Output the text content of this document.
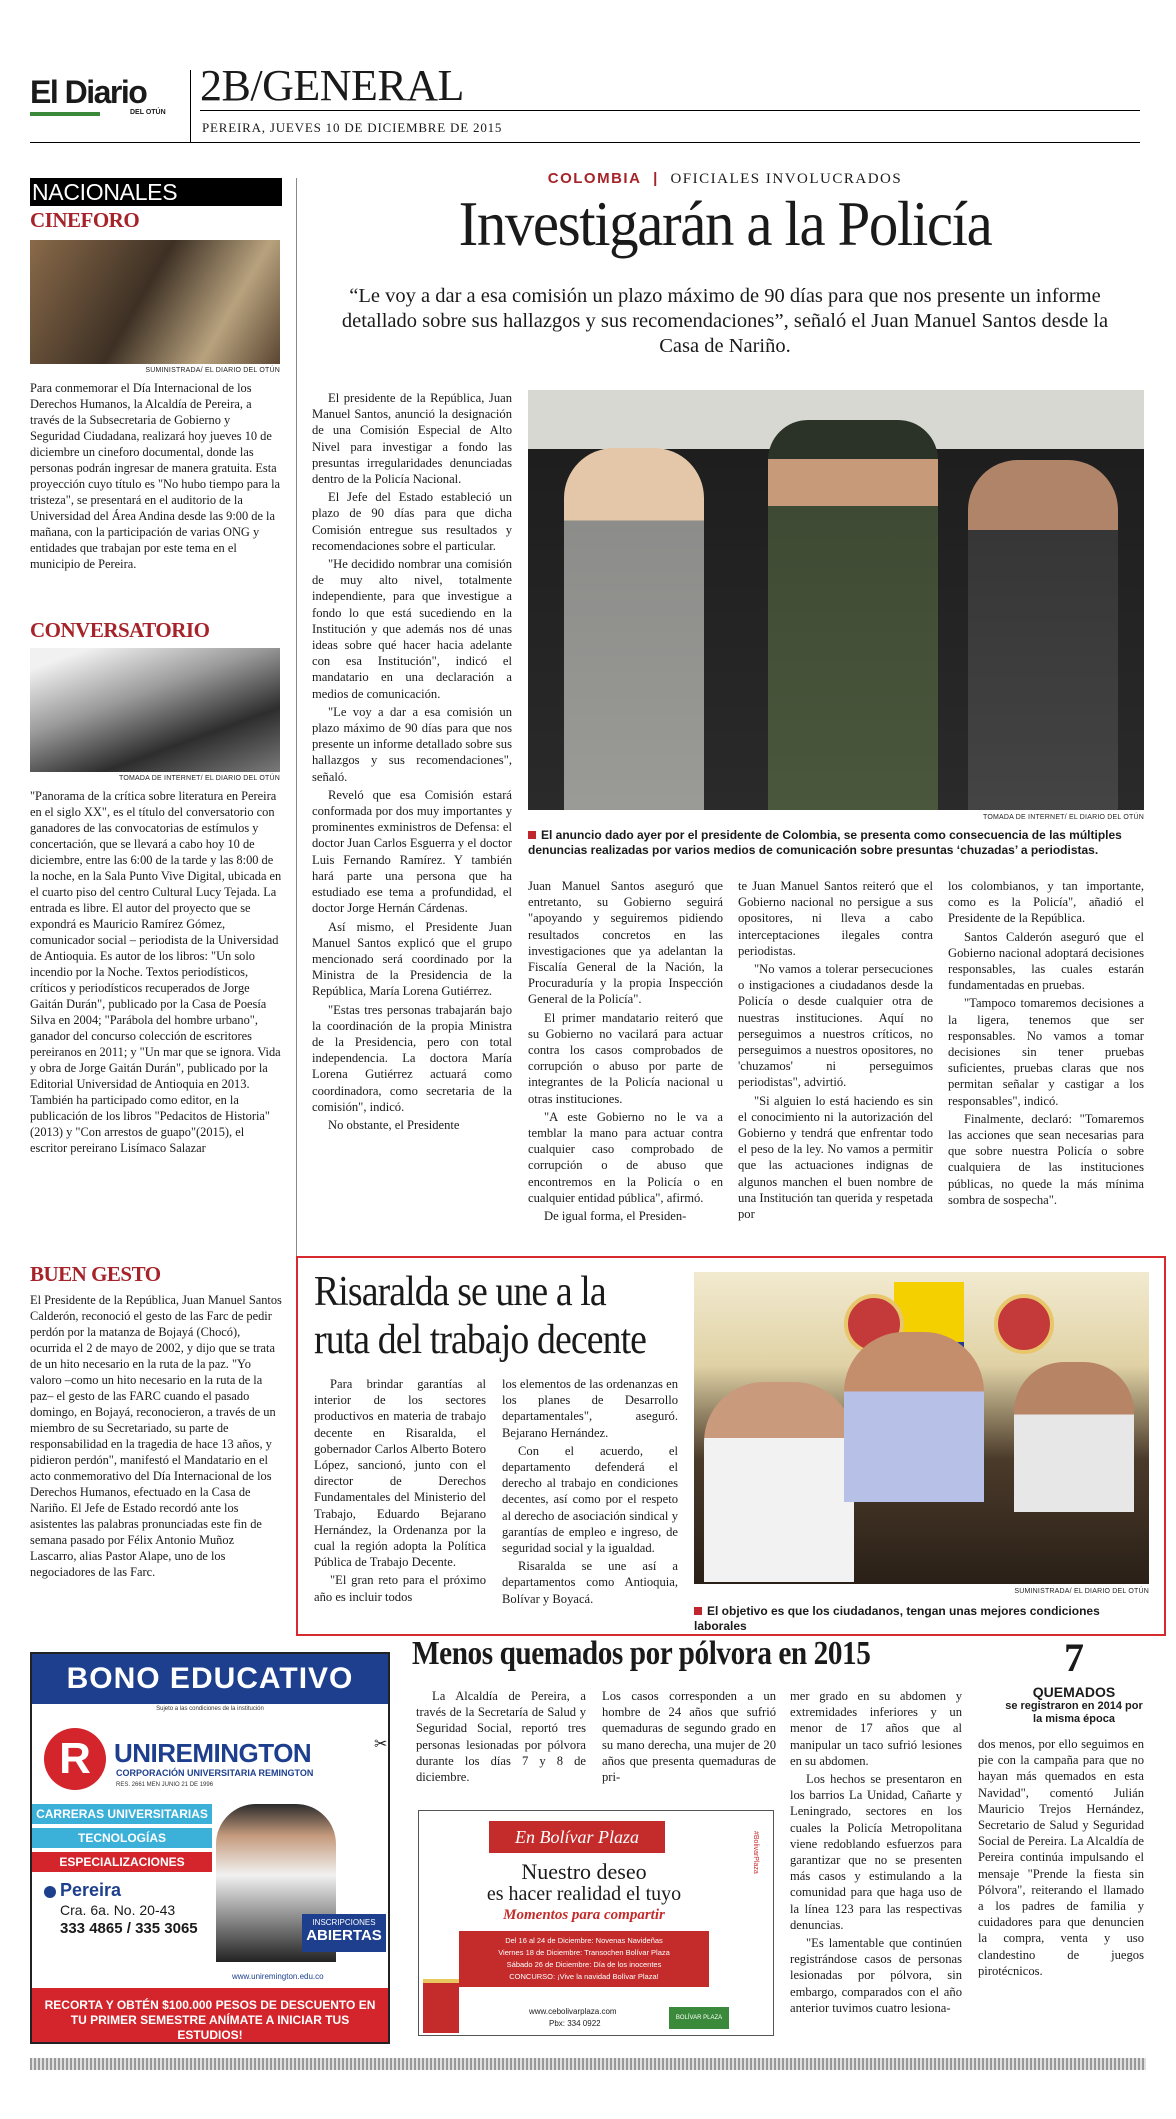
El Diario
DEL OTÚN
2B/GENERAL
PEREIRA, JUEVES 10 DE DICIEMBRE DE 2015
NACIONALES
CINEFORO
SUMINISTRADA/ EL DIARIO DEL OTÚN
Para conmemorar el Día Internacional de los Derechos Humanos, la Alcaldía de Pereira, a través de la Subsecretaria de Gobierno y Seguridad Ciudadana, realizará hoy jueves 10 de diciembre un cineforo documental, donde las personas podrán ingresar de manera gratuita. Esta proyección cuyo título es "No hubo tiempo para la tristeza", se presentará en el auditorio de la Universidad del Área Andina desde las 9:00 de la mañana, con la participación de varias ONG y entidades que trabajan por este tema en el municipio de Pereira.
CONVERSATORIO
TOMADA DE INTERNET/ EL DIARIO DEL OTÚN
"Panorama de la crítica sobre literatura en Pereira en el siglo XX", es el título del conversatorio con ganadores de las convocatorias de estímulos y concertación, que se llevará a cabo hoy 10 de diciembre, entre las 6:00 de la tarde y las 8:00 de la noche, en la Sala Punto Vive Digital, ubicada en el cuarto piso del centro Cultural Lucy Tejada. La entrada es libre. El autor del proyecto que se expondrá es Mauricio Ramírez Gómez, comunicador social – periodista de la Universidad de Antioquia. Es autor de los libros: "Un solo incendio por la Noche. Textos periodísticos, críticos y periodísticos recuperados de Jorge Gaitán Durán", publicado por la Casa de Poesía Silva en 2004; "Parábola del hombre urbano", ganador del concurso colección de escritores pereiranos en 2011; y "Un mar que se ignora. Vida y obra de Jorge Gaitán Durán", publicado por la Editorial Universidad de Antioquia en 2013. También ha participado como editor, en la publicación de los libros "Pedacitos de Historia" (2013) y "Con arrestos de guapo"(2015), el escritor pereirano Lisímaco Salazar
BUEN GESTO
El Presidente de la República, Juan Manuel Santos Calderón, reconoció el gesto de las Farc de pedir perdón por la matanza de Bojayá (Chocó), ocurrida el 2 de mayo de 2002, y dijo que se trata de un hito necesario en la ruta de la paz. "Yo valoro –como un hito necesario en la ruta de la paz– el gesto de las FARC cuando el pasado domingo, en Bojayá, reconocieron, a través de un miembro de su Secretariado, su parte de responsabilidad en la tragedia de hace 13 años, y pidieron perdón", manifestó el Mandatario en el acto conmemorativo del Día Internacional de los Derechos Humanos, efectuado en la Casa de Nariño. El Jefe de Estado recordó ante los asistentes las palabras pronunciadas este fin de semana pasado por Félix Antonio Muñoz Lascarro, alias Pastor Alape, uno de los negociadores de las Farc.
COLOMBIA | OFICIALES INVOLUCRADOS
Investigarán a la Policía
“Le voy a dar a esa comisión un plazo máximo de 90 días para que nos presente un informe detallado sobre sus hallazgos y sus recomendaciones”, señaló el Juan Manuel Santos desde la Casa de Nariño.

El presidente de la República, Juan Manuel Santos, anunció la designación de una Comisión Especial de Alto Nivel para investigar a fondo las presuntas irregularidades denunciadas dentro de la Policía Nacional.

El Jefe del Estado estableció un plazo de 90 días para que dicha Comisión entregue sus resultados y recomendaciones sobre el particular.

"He decidido nombrar una comisión de muy alto nivel, totalmente independiente, para que investigue a fondo lo que está sucediendo en la Institución y que además nos dé unas ideas sobre qué hacer hacia adelante con esa Institución", indicó el mandatario en una declaración a medios de comunicación.

"Le voy a dar a esa comisión un plazo máximo de 90 días para que nos presente un informe detallado sobre sus hallazgos y sus recomendaciones", señaló.

Reveló que esa Comisión estará conformada por dos muy importantes y prominentes exministros de Defensa: el doctor Juan Carlos Esguerra y el doctor Luis Fernando Ramírez. Y también hará parte una persona que ha estudiado ese tema a profundidad, el doctor Jorge Hernán Cárdenas.

Así mismo, el Presidente Juan Manuel Santos explicó que el grupo mencionado será coordinado por la Ministra de la Presidencia de la República, María Lorena Gutiérrez.

"Estas tres personas trabajarán bajo la coordinación de la propia Ministra de la Presidencia, pero con total independencia. La doctora María Lorena Gutiérrez actuará como coordinadora, como secretaria de la comisión", indicó.

No obstante, el Presidente

TOMADA DE INTERNET/ EL DIARIO DEL OTÚN
El anuncio dado ayer por el presidente de Colombia, se presenta como consecuencia de las múltiples denuncias realizadas por varios medios de comunicación sobre presuntas ‘chuzadas’ a periodistas.

Juan Manuel Santos aseguró que entretanto, su Gobierno seguirá "apoyando y seguiremos pidiendo resultados concretos en las investigaciones que ya adelantan la Fiscalía General de la Nación, la Procuraduría y la propia Inspección General de la Policía".

El primer mandatario reiteró que su Gobierno no vacilará para actuar contra los casos comprobados de corrupción o abuso por parte de integrantes de la Policía nacional u otras instituciones.

"A este Gobierno no le va a temblar la mano para actuar contra cualquier caso comprobado de corrupción o de abuso que encontremos en la Policía o en cualquier entidad pública", afirmó.

De igual forma, el Presiden-

te Juan Manuel Santos reiteró que el Gobierno nacional no persigue a sus opositores, ni lleva a cabo interceptaciones ilegales contra periodistas.

"No vamos a tolerar persecuciones o instigaciones a ciudadanos desde la Policía o desde cualquier otra de nuestras instituciones. Aquí no perseguimos a nuestros críticos, no perseguimos a nuestros opositores, no 'chuzamos' ni perseguimos periodistas", advirtió.

"Si alguien lo está haciendo es sin el conocimiento ni la autorización del Gobierno y tendrá que enfrentar todo el peso de la ley. No vamos a permitir que las actuaciones indignas de algunos manchen el buen nombre de una Institución tan querida y respetada por

los colombianos, y tan importante, como es la Policía", añadió el Presidente de la República.

Santos Calderón aseguró que el Gobierno nacional adoptará decisiones responsables, las cuales estarán fundamentadas en pruebas.

"Tampoco tomaremos decisiones a la ligera, tenemos que ser responsables. No vamos a tomar decisiones sin tener pruebas suficientes, pruebas claras que nos permitan señalar y castigar a los responsables", indicó.

Finalmente, declaró: "Tomaremos las acciones que sean necesarias para que sobre nuestra Policía o sobre cualquiera de las instituciones públicas, no quede la más mínima sombra de sospecha".

Risaralda se une a la ruta del trabajo decente

Para brindar garantías al interior de los sectores productivos en materia de trabajo decente en Risaralda, el gobernador Carlos Alberto Botero López, sancionó, junto con el director de Derechos Fundamentales del Ministerio del Trabajo, Eduardo Bejarano Hernández, la Ordenanza por la cual la región adopta la Política Pública de Trabajo Decente.

"El gran reto para el próximo año es incluir todos

los elementos de las ordenanzas en los planes de Desarrollo departamentales", aseguró. Bejarano Hernández.

Con el acuerdo, el departamento defenderá el derecho al trabajo en condiciones decentes, así como por el respeto al derecho de asociación sindical y garantías de empleo e ingreso, de seguridad social y la igualdad.

Risaralda se une así a departamentos como Antioquia, Bolívar y Boyacá.

SUMINISTRADA/ EL DIARIO DEL OTÚN
El objetivo es que los ciudadanos, tengan unas mejores condiciones laborales
BONO EDUCATIVO
Sujeto a las condiciones de la institución
R UNIREMINGTON
CORPORACIÓN UNIVERSITARIA REMINGTON
RES. 2661 MEN JUNIO 21 DE 1996
CARRERAS UNIVERSITARIAS
TECNOLOGÍAS
ESPECIALIZACIONES
Pereira
Cra. 6a. No. 20-43
333 4865 / 335 3065	INSCRIPCIONES
ABIERTAS
✂
www.uniremington.edu.co
RECORTA Y OBTÉN $100.000 PESOS DE DESCUENTO EN TU PRIMER SEMESTRE ANÍMATE A INICIAR TUS ESTUDIOS!
Menos quemados por pólvora en 2015	7
QUEMADOS
se registraron en 2014 por la misma época

La Alcaldía de Pereira, a través de la Secretaría de Salud y Seguridad Social, reportó tres personas lesionadas por pólvora durante los días 7 y 8 de diciembre.

Los casos corresponden a un hombre de 24 años que sufrió quemaduras de segundo grado en su mano derecha, una mujer de 20 años que presenta quemaduras de pri-

mer grado en su abdomen y extremidades inferiores y un menor de 17 años que al manipular un taco sufrió lesiones en su abdomen.

Los hechos se presentaron en los barrios La Unidad, Cañarte y Leningrado, sectores en los cuales la Policía Metropolitana viene redoblando esfuerzos para garantizar que no se presenten más casos y estimulando a la comunidad para que haga uso de la línea 123 para las respectivas denuncias.

"Es lamentable que continúen registrándose casos de personas lesionadas por pólvora, sin embargo, comparados con el año anterior tuvimos cuatro lesiona-

dos menos, por ello seguimos en pie con la campaña para que no hayan más quemados en esta Navidad", comentó Julián Mauricio Trejos Hernández, Secretario de Salud y Seguridad Social de Pereira. La Alcaldía de Pereira continúa impulsando el mensaje "Prende la fiesta sin Pólvora", reiterando el llamado a los padres de familia y cuidadores para que denuncien la compra, venta y uso clandestino de juegos pirotécnicos.

En Bolívar Plaza
Nuestro deseo
es hacer realidad el tuyo
Momentos para compartir
Del 16 al 24 de Diciembre: Novenas Navideñas
Viernes 18 de Diciembre: Transochen Bolívar Plaza
Sábado 26 de Diciembre: Día de los inocentes
CONCURSO: ¡Vive la navidad Bolívar Plaza!
www.cebolivarplaza.com
Pbx: 334 0922
BOLÍVAR PLAZA
#BolivarPlaza
